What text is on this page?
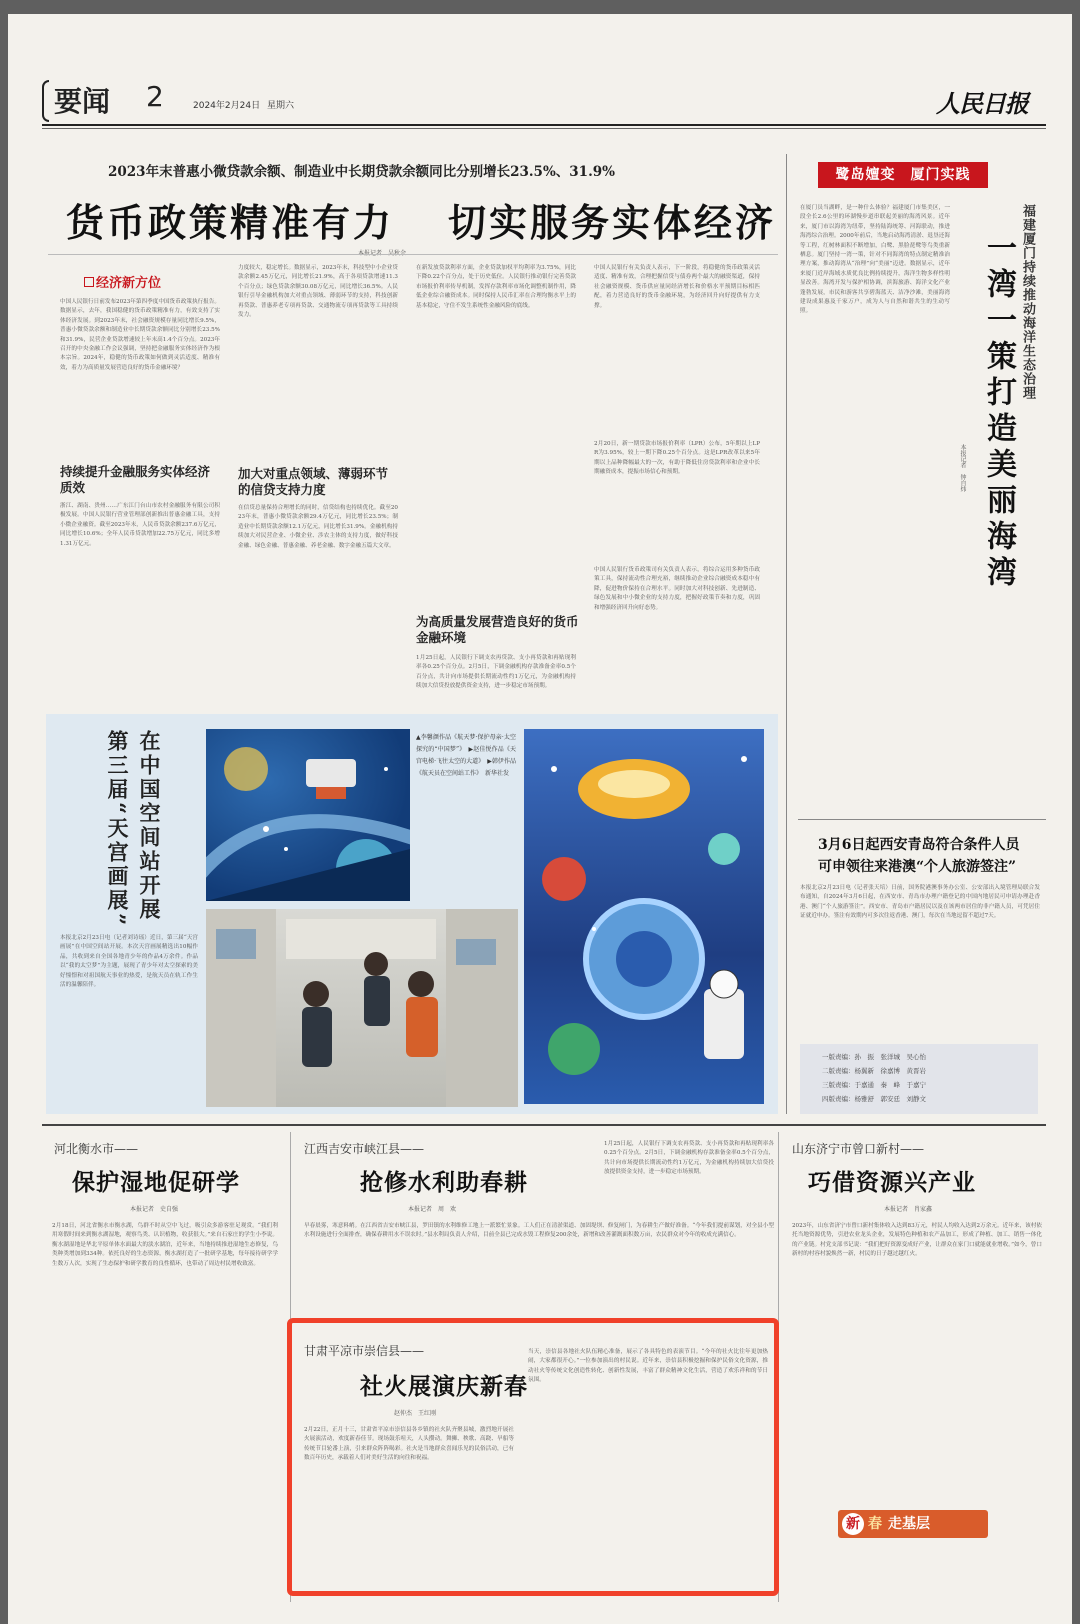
要闻 2	2024年2月24日 星期六	人民日报
2023年末普惠小微贷款余额、制造业中长期贷款余额同比分别增长23.5%、31.9%
货币政策精准有力 切实服务实体经济
经济新方位
中国人民银行日前发布2023年第四季度中国货币政策执行报告。数据显示，去年，我国稳健的货币政策精准有力，有效支持了实体经济发展。到2023年末，社会融资规模存量同比增长9.5%，普惠小微贷款余额和制造业中长期贷款余额同比分别增长23.5%和31.9%，民营企业贷款增速较上年末高1.4个百分点。2023年召开的中央金融工作会议强调，坚持把金融服务实体经济作为根本宗旨。2024年，稳健的货币政策如何做到灵活适度、精准有效，着力为高质量发展营造良好的货币金融环境？
持续提升金融服务实体经济质效
浙江、湖南、贵州……广东江门台山市农村金融服务有限公司积极发展。中国人民银行营业管理部创新推出普惠金融工具，支持小微企业融资。截至2023年末，人民币贷款余额237.6万亿元，同比增长10.6%；全年人民币贷款增加22.75万亿元，同比多增1.31万亿元。
力度较大，稳定增长。数据显示，2023年末，科技型中小企业贷款余额2.45万亿元，同比增长21.9%，高于各项贷款增速11.3个百分点；绿色贷款余额30.08万亿元，同比增长36.5%。人民银行引导金融机构加大对重点领域、薄弱环节的支持，科技创新再贷款、普惠养老专项再贷款、交通物流专项再贷款等工具持续发力。
加大对重点领域、薄弱环节的信贷支持力度
在信贷总量保持合理增长的同时，信贷结构也持续优化。截至2023年末，普惠小微贷款余额29.4万亿元，同比增长23.5%；制造业中长期贷款余额12.1万亿元，同比增长31.9%。金融机构持续加大对民营企业、小微企业、涉农主体的支持力度，做好科技金融、绿色金融、普惠金融、养老金融、数字金融五篇大文章。
在新发放贷款利率方面，企业贷款加权平均利率为3.75%，同比下降0.22个百分点，处于历史低位。人民银行推动银行完善贷款市场报价利率传导机制，发挥存款利率市场化调整机制作用，降低企业综合融资成本。同时保持人民币汇率在合理均衡水平上的基本稳定，守住不发生系统性金融风险的底线。
为高质量发展营造良好的货币金融环境
1月25日起，人民银行下调支农再贷款、支小再贷款和再贴现利率各0.25个百分点。2月5日，下调金融机构存款准备金率0.5个百分点，共计向市场提供长期流动性约1万亿元，为金融机构持续加大信贷投放提供资金支持，进一步稳定市场预期。
中国人民银行有关负责人表示，下一阶段，将稳健的货币政策灵活适度、精准有效，合理把握信贷与债券两个最大的融资渠道，保持社会融资规模、货币供应量同经济增长和价格水平预期目标相匹配，着力营造良好的货币金融环境，为经济回升向好提供有力支撑。
2月20日，新一期贷款市场报价利率（LPR）公布，5年期以上LPR为3.95%，较上一期下降0.25个百分点。这是LPR改革以来5年期以上品种降幅最大的一次，有助于降低住房贷款利率和企业中长期融资成本，提振市场信心和预期。
中国人民银行货币政策司有关负责人表示，将综合运用多种货币政策工具，保持流动性合理充裕，继续推动企业综合融资成本稳中有降，促进物价保持在合理水平。同时加大对科技创新、先进制造、绿色发展和中小微企业的支持力度，把握好政策节奏和力度，巩固和增强经济回升向好态势。
鹭岛嬗变　厦门实践
在厦门员当湖畔，是一种什么体验？福建厦门市集美区，一段全长2.6公里的环湖慢步道串联起美丽的海湾风景。近年来，厦门市以海湾为纽带，坚持陆海统筹、河海联动，推进海湾综合治理。2000年前后，当地启动海湾清淤、退垦还海等工程，红树林面积不断增加，白鹭、黑脸琵鹭等鸟类重新栖息。厦门坚持一湾一策，针对不同海湾的特点制定精准治理方案，推动海湾从“治理”向“美丽”迈进。数据显示，近年来厦门近岸海域水质优良比例持续提升，海洋生物多样性明显改善。海湾开发与保护相协调，滨海旅游、海洋文化产业蓬勃发展，市民和游客共享碧海蓝天、洁净沙滩，美丽海湾建设成果惠及千家万户，成为人与自然和谐共生的生动写照。	福建厦门持续推动海洋生态治理
一湾一策打造美丽海湾
本报记者　钟自炜
3月6日起西安青岛符合条件人员
可申领往来港澳“个人旅游签注”
本报北京2月23日电（记者张天培）日前，国务院港澳事务办公室、公安部出入境管理局联合发布通知，自2024年3月6日起，在西安市、青岛市办理户籍登记的中国内地居民可申请办理赴香港、澳门“个人旅游签注”。西安市、青岛市户籍居民以及在该两市居住的非户籍人员，可凭居住证就近申办。签注有效期内可多次往返香港、澳门，每次在当地逗留不超过7天。
一版责编：孙　振　张洋城　吴心怡
二版责编：杨翼新　徐嘉博　黄晋岩
三版责编：于嘉通　秦　峰　于嘉宁
四版责编：杨雅舒　郭安廷　刘静文
在中国空间站开展
第三届“天宫画展”
本报北京2月23日电（记者刘诗瑶）近日，第三届“天宫画展”在中国空间站开展。本次天宫画展精选出10幅作品，共收到来自全国各地青少年的作品4万余件。作品以“我的太空梦”为主题，展现了青少年对太空探索的美好憧憬和对祖国航天事业的热爱，是航天员在轨工作生活的温馨陪伴。
▲李馨颜作品《航天梦·保护母亲·太空探究的“中国梦”》　▶赵佳悦作品《天宫电梯·飞往太空的大道》　▶韩伊作品《航天员在空间站工作》　新华社发
河北衡水市——
保护湿地促研学
本报记者　史自强
2月18日，河北省衡水市衡水湖，鸟群不时从空中飞过，吸引众多游客驻足观赏。“我们利用寒假时间来到衡水湖湿地，观察鸟类、认识植物，收获很大。”来自石家庄的学生小李说。衡水湖湿地是华北平原单体水面最大的淡水湖泊，近年来，当地持续推进湿地生态修复，鸟类种类增加到334种。依托良好的生态资源，衡水湖打造了一批研学基地，每年接待研学学生数万人次，实现了生态保护和研学教育的良性循环，也带动了周边村民增收致富。
江西吉安市峡江县——
抢修水利助春耕
本报记者　周　欢
早春晨雾，寒意料峭。在江西省吉安市峡江县，罗田镇的水利维修工地上一派繁忙景象。工人们正在清淤渠道、加固堤坝、修复闸门，为春耕生产做好准备。“今年我们提前谋划，对全县小型水利设施进行全面排查，确保春耕用水不误农时。”县水利局负责人介绍，目前全县已完成水毁工程修复200余处，新增和改善灌溉面积数万亩，农民群众对今年的收成充满信心。
1月25日起，人民银行下调支农再贷款、支小再贷款和再贴现利率各0.25个百分点。2月5日，下调金融机构存款准备金率0.5个百分点，共计向市场提供长期流动性约1万亿元，为金融机构持续加大信贷投放提供资金支持，进一步稳定市场预期。
山东济宁市曾口新村——
巧借资源兴产业
本报记者　肖家鑫
2023年，山东省济宁市曾口新村集体收入达到83万元，村民人均收入达到2万余元。近年来，该村依托当地资源优势，引进农业龙头企业，发展特色种植和农产品加工，形成了种植、加工、销售一体化的产业链。村党支部书记说：“我们把好资源变成好产业，让群众在家门口就能就业增收。”如今，曾口新村的村容村貌焕然一新，村民的日子越过越红火。
新 春 走基层
甘肃平凉市崇信县——
社火展演庆新春
赵仲杰　王红刚
2月22日，正月十三，甘肃省平凉市崇信县各乡镇的社火队齐聚县城，激烈地开展社火展演活动，欢度新春佳节。现场鼓乐喧天，人头攒动。舞狮、秧歌、高跷、旱船等传统节目轮番上演，引来群众阵阵喝彩。社火是当地群众喜闻乐见的民俗活动，已有数百年历史，承载着人们对美好生活的向往和祝福。
当天，崇信县各地社火队伍精心准备，展示了各具特色的表演节目。“今年的社火比往年更加热闹，大家都很开心。”一位参加演出的村民说。近年来，崇信县积极挖掘和保护民俗文化资源，推动社火等传统文化创造性转化、创新性发展，丰富了群众精神文化生活，营造了欢乐祥和的节日氛围。
